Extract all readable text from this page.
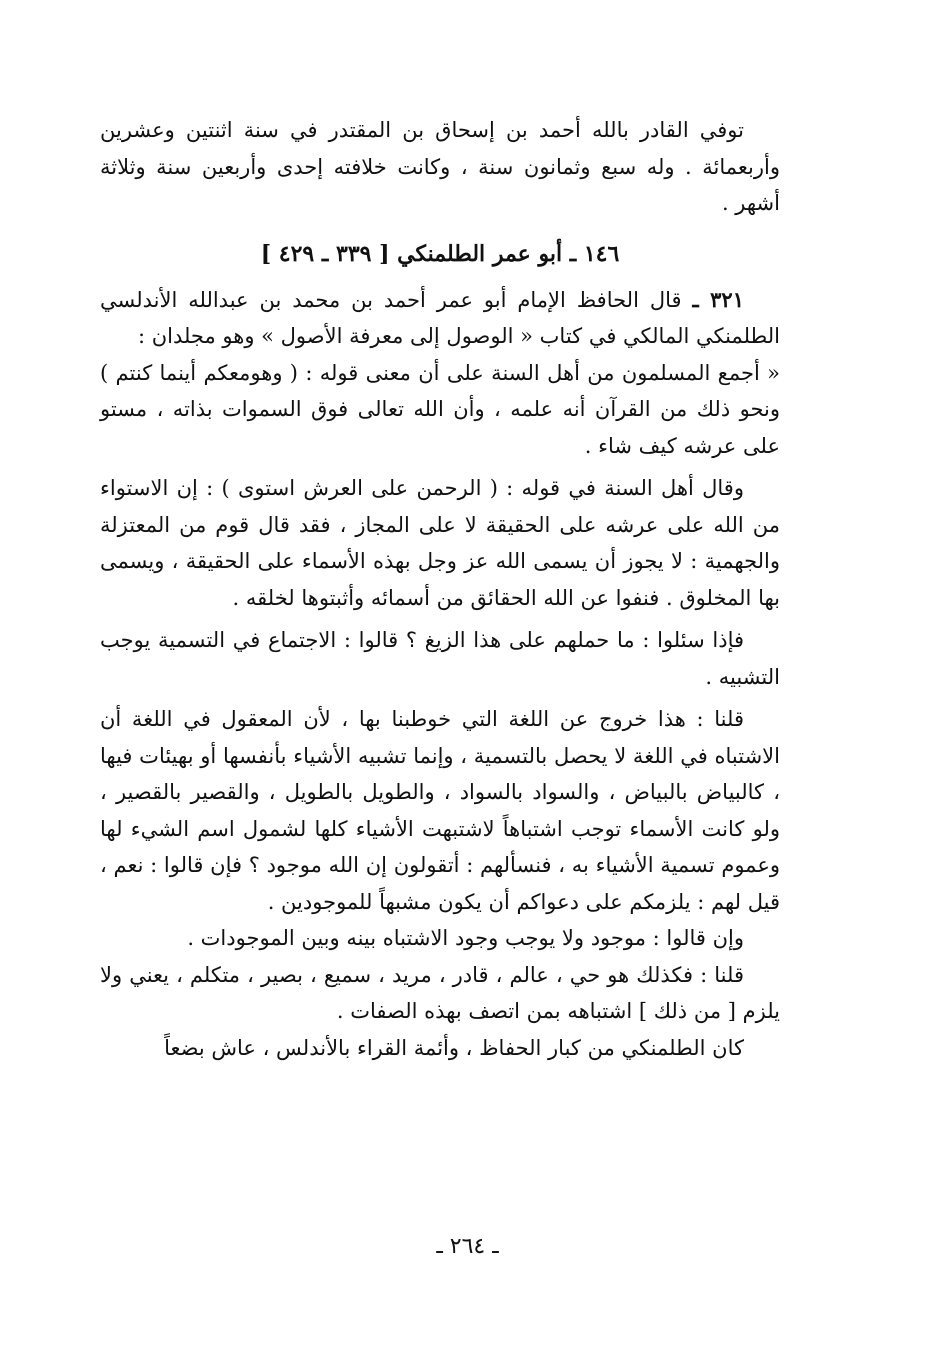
توفي القادر بالله أحمد بن إسحاق بن المقتدر في سنة اثنتين وعشرين وأربعمائة . وله سبع وثمانون سنة ، وكانت خلافته إحدى وأربعين سنة وثلاثة أشهر .

١٤٦ ـ أبو عمر الطلمنكي [ ٣٣٩ ـ ٤٢٩ ]

٣٢١ ـ قال الحافظ الإمام أبو عمر أحمد بن محمد بن عبدالله الأندلسي الطلمنكي المالكي في كتاب « الوصول إلى معرفة الأصول » وهو مجلدان :

« أجمع المسلمون من أهل السنة على أن معنى قوله : ( وهومعكم أينما كنتم ) ونحو ذلك من القرآن أنه علمه ، وأن الله تعالى فوق السموات بذاته ، مستو على عرشه كيف شاء .

وقال أهل السنة في قوله : ( الرحمن على العرش استوى ) : إن الاستواء من الله على عرشه على الحقيقة لا على المجاز ، فقد قال قوم من المعتزلة والجهمية : لا يجوز أن يسمى الله عز وجل بهذه الأسماء على الحقيقة ، ويسمى بها المخلوق . فنفوا عن الله الحقائق من أسمائه وأثبتوها لخلقه .

فإذا سئلوا : ما حملهم على هذا الزيغ ؟ قالوا : الاجتماع في التسمية يوجب التشبيه .

قلنا : هذا خروج عن اللغة التي خوطبنا بها ، لأن المعقول في اللغة أن الاشتباه في اللغة لا يحصل بالتسمية ، وإنما تشبيه الأشياء بأنفسها أو بهيئات فيها ، كالبياض بالبياض ، والسواد بالسواد ، والطويل بالطويل ، والقصير بالقصير ، ولو كانت الأسماء توجب اشتباهاً لاشتبهت الأشياء كلها لشمول اسم الشيء لها وعموم تسمية الأشياء به ، فنسألهم : أتقولون إن الله موجود ؟ فإن قالوا : نعم ، قيل لهم : يلزمكم على دعواكم أن يكون مشبهاً للموجودين .

وإن قالوا : موجود ولا يوجب وجود الاشتباه بينه وبين الموجودات .

قلنا : فكذلك هو حي ، عالم ، قادر ، مريد ، سميع ، بصير ، متكلم ، يعني ولا يلزم [ من ذلك ] اشتباهه بمن اتصف بهذه الصفات .

كان الطلمنكي من كبار الحفاظ ، وأئمة القراء بالأندلس ، عاش بضعاً

ـ ٢٦٤ ـ
